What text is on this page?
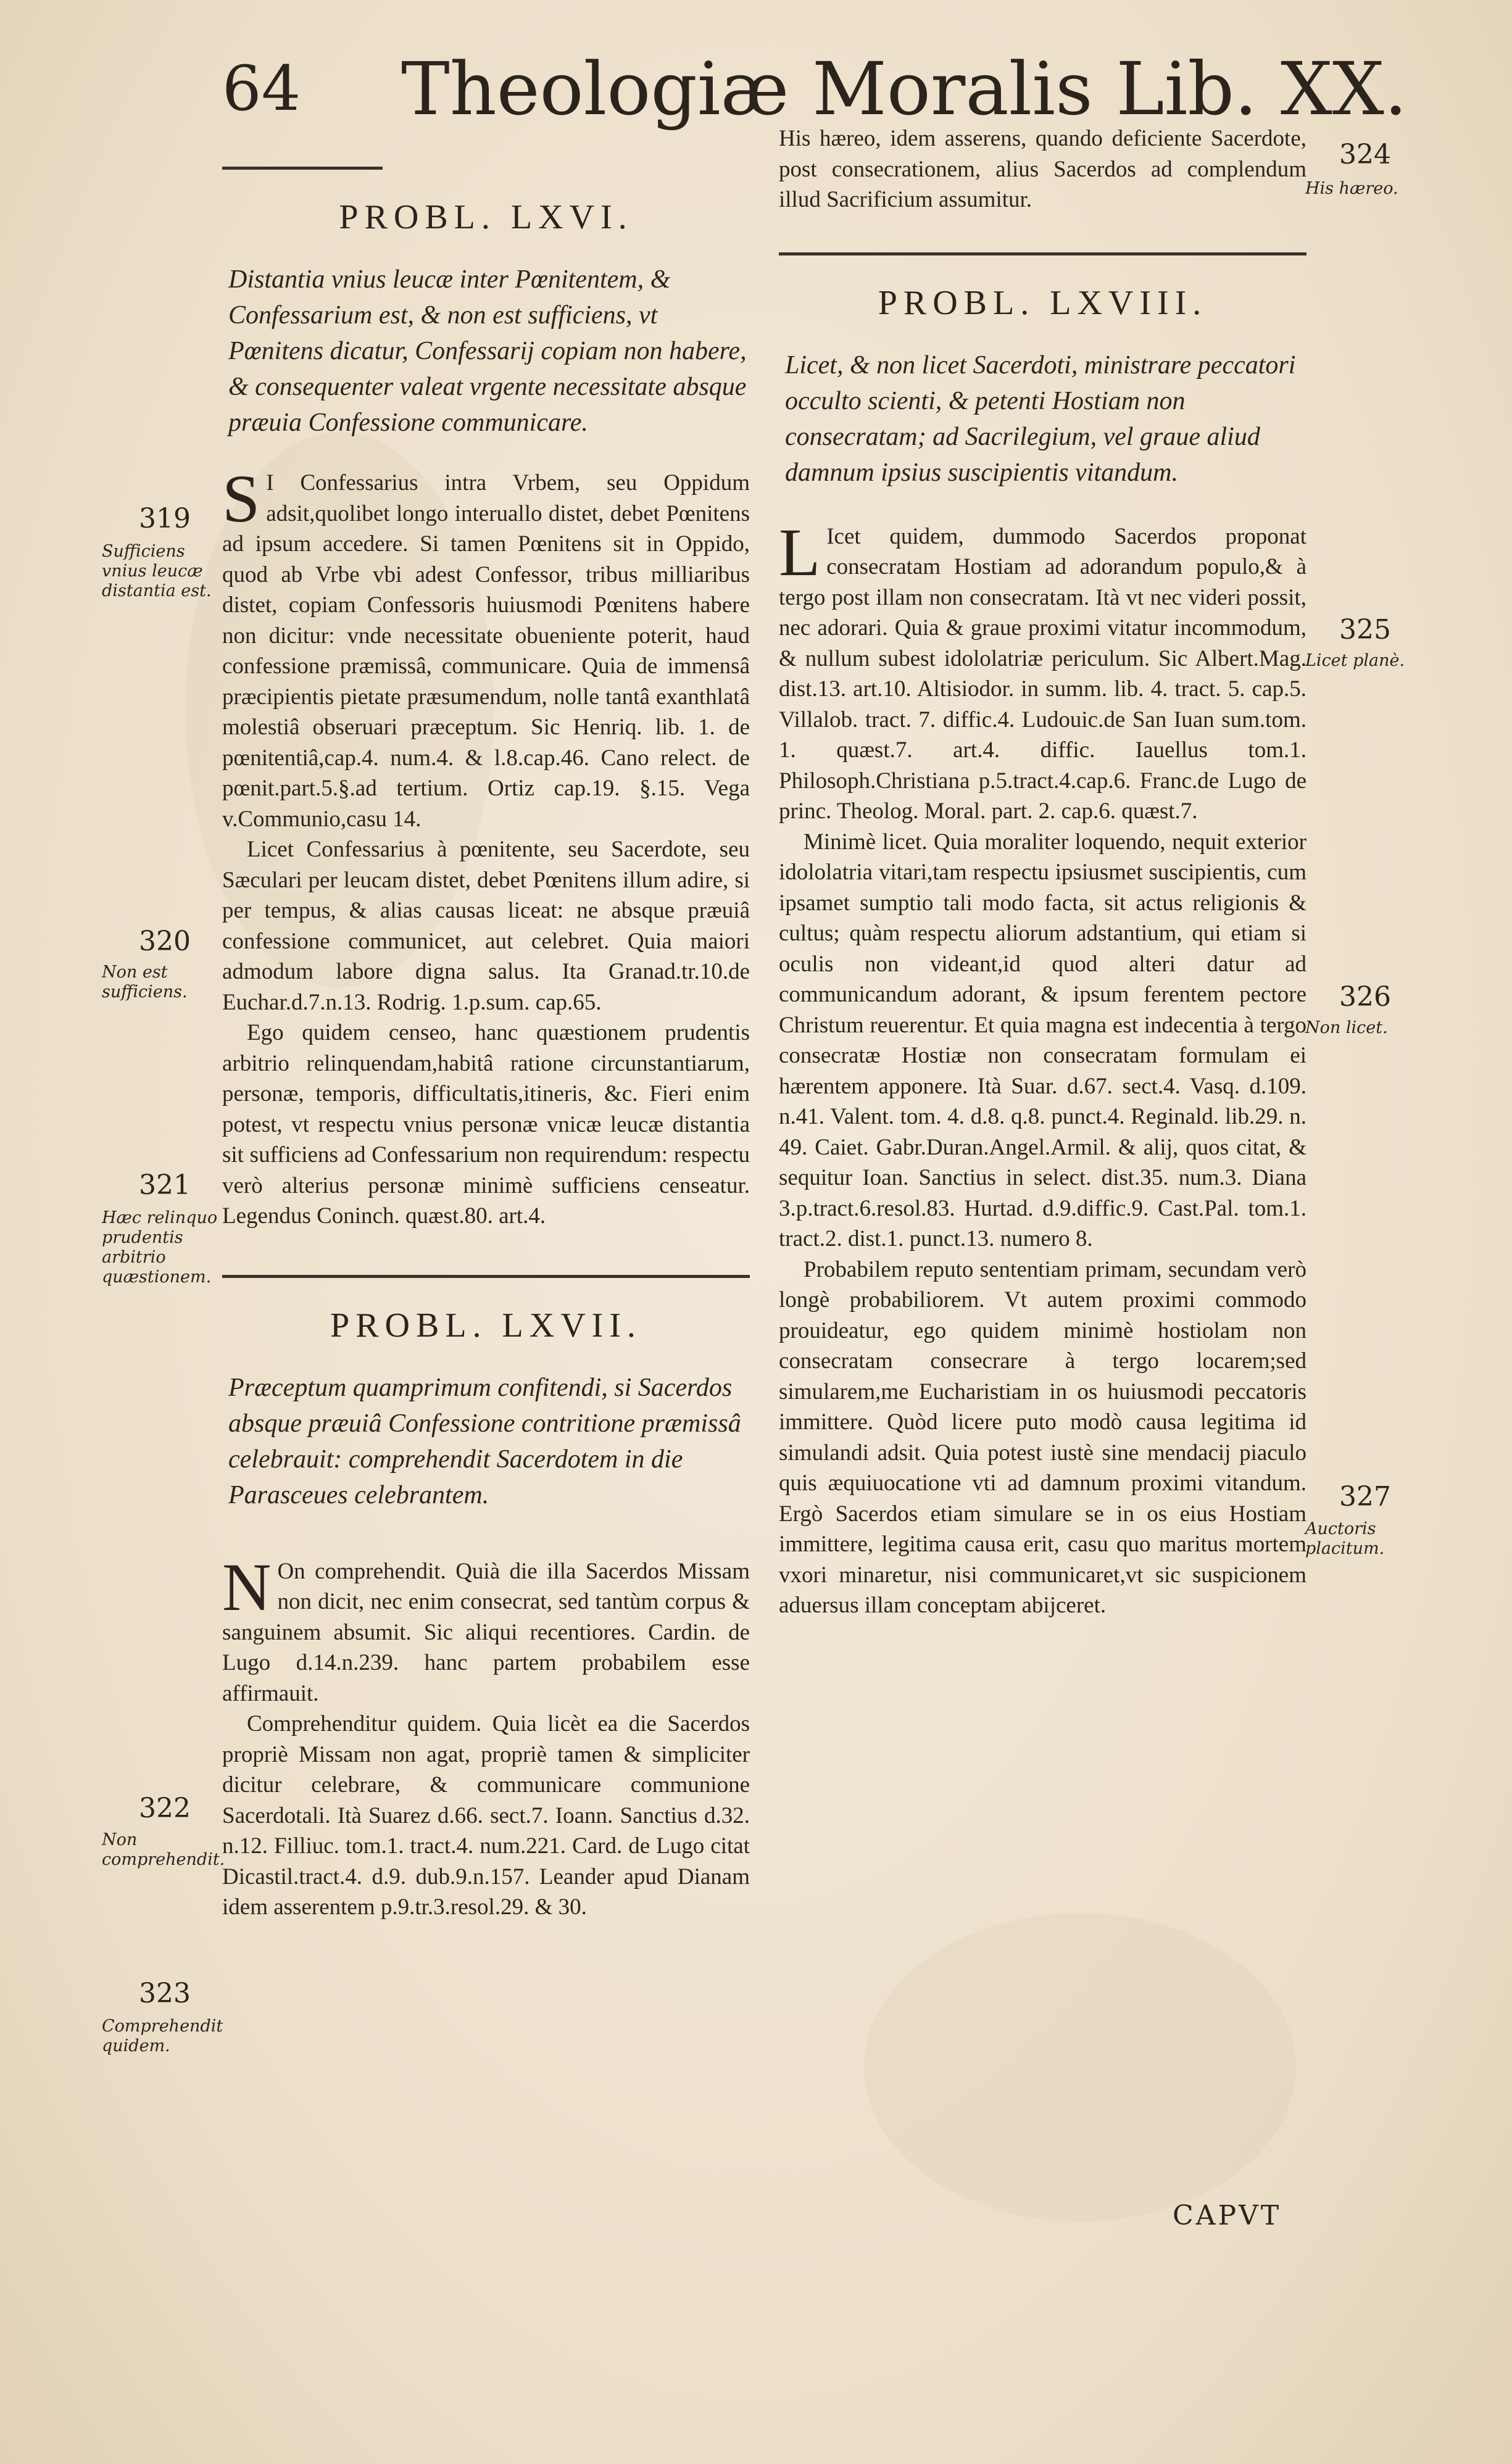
64 Theologiæ Moralis Lib. XX.
PROBL. LXVI.
Distantia vnius leucæ inter Pœnitentem, & Confessarium est, & non est sufficiens, vt Pœnitens dicatur, Confessarij copiam non habere, & consequenter valeat vrgente necessitate absque præuia Confessione communicare.
S I Confessarius intra Vrbem, seu Oppidum adsit,quolibet longo interuallo distet, debet Pœnitens ad ipsum accedere. Si tamen Pœnitens sit in Oppido, quod ab Vrbe vbi adest Confessor, tribus milliaribus distet, copiam Confessoris huiusmodi Pœnitens habere non dicitur: vnde necessitate obueniente poterit, haud confessione præmissâ, communicare. Quia de immensâ præcipientis pietate præsumendum, nolle tantâ exanthlatâ molestiâ obseruari præceptum. Sic Henriq. lib. 1. de pœnitentiâ,cap.4. num.4. & l.8.cap.46. Cano relect. de pœnit.part.5.§.ad tertium. Ortiz cap.19. §.15. Vega v.Communio,casu 14.
Licet Confessarius à pœnitente, seu Sacerdote, seu Sæculari per leucam distet, debet Pœnitens illum adire, si per tempus, & alias causas liceat: ne absque præuiâ confessione communicet, aut celebret. Quia maiori admodum labore digna salus. Ita Granad.tr.10.de Euchar.d.7.n.13. Rodrig. 1.p.sum. cap.65.
Ego quidem censeo, hanc quæstionem prudentis arbitrio relinquendam,habitâ ratione circunstantiarum, personæ, temporis, difficultatis,itineris, &c. Fieri enim potest, vt respectu vnius personæ vnicæ leucæ distantia sit sufficiens ad Confessarium non requirendum: respectu verò alterius personæ minimè sufficiens censeatur. Legendus Coninch. quæst.80. art.4.
PROBL. LXVII.
Præceptum quamprimum confitendi, si Sacerdos absque præuiâ Confessione contritione præmissâ celebrauit: comprehendit Sacerdotem in die Parasceues celebrantem.
N On comprehendit. Quià die illa Sacerdos Missam non dicit, nec enim consecrat, sed tantùm corpus & sanguinem absumit. Sic aliqui recentiores. Cardin. de Lugo d.14.n.239. hanc partem probabilem esse affirmauit.
Comprehenditur quidem. Quia licèt ea die Sacerdos propriè Missam non agat, propriè tamen & simpliciter dicitur celebrare, & communicare communione Sacerdotali. Ità Suarez d.66. sect.7. Ioann. Sanctius d.32. n.12. Filliuc. tom.1. tract.4. num.221. Card. de Lugo citat Dicastil.tract.4. d.9. dub.9.n.157. Leander apud Dianam idem asserentem p.9.tr.3.resol.29. & 30.
His hæreo, idem asserens, quando deficiente Sacerdote, post consecrationem, alius Sacerdos ad complendum illud Sacrificium assumitur.
PROBL. LXVIII.
Licet, & non licet Sacerdoti, ministrare peccatori occulto scienti, & petenti Hostiam non consecratam; ad Sacrilegium, vel graue aliud damnum ipsius suscipientis vitandum.
L Icet quidem, dummodo Sacerdos proponat consecratam Hostiam ad adorandum populo,& à tergo post illam non consecratam. Ità vt nec videri possit, nec adorari. Quia & graue proximi vitatur incommodum, & nullum subest idololatriæ periculum. Sic Albert.Mag. dist.13. art.10. Altisiodor. in summ. lib. 4. tract. 5. cap.5. Villalob. tract. 7. diffic.4. Ludouic.de San Iuan sum.tom. 1. quæst.7. art.4. diffic. Iauellus tom.1. Philosoph.Christiana p.5.tract.4.cap.6. Franc.de Lugo de princ. Theolog. Moral. part. 2. cap.6. quæst.7.
Minimè licet. Quia moraliter loquendo, nequit exterior idololatria vitari,tam respectu ipsiusmet suscipientis, cum ipsamet sumptio tali modo facta, sit actus religionis & cultus; quàm respectu aliorum adstantium, qui etiam si oculis non videant,id quod alteri datur ad communicandum adorant, & ipsum ferentem pectore Christum reuerentur. Et quia magna est indecentia à tergo consecratæ Hostiæ non consecratam formulam ei hærentem apponere. Ità Suar. d.67. sect.4. Vasq. d.109. n.41. Valent. tom. 4. d.8. q.8. punct.4. Reginald. lib.29. n. 49. Caiet. Gabr.Duran.Angel.Armil. & alij, quos citat, & sequitur Ioan. Sanctius in select. dist.35. num.3. Diana 3.p.tract.6.resol.83. Hurtad. d.9.diffic.9. Cast.Pal. tom.1. tract.2. dist.1. punct.13. numero 8.
Probabilem reputo sententiam primam, secundam verò longè probabiliorem. Vt autem proximi commodo prouideatur, ego quidem minimè hostiolam non consecratam consecrare à tergo locarem;sed simularem,me Eucharistiam in os huiusmodi peccatoris immittere. Quòd licere puto modò causa legitima id simulandi adsit. Quia potest iustè sine mendacij piaculo quis æquiuocatione vti ad damnum proximi vitandum. Ergò Sacerdos etiam simulare se in os eius Hostiam immittere, legitima causa erit, casu quo maritus mortem vxori minaretur, nisi communicaret,vt sic suspicionem aduersus illam conceptam abijceret.
319
Sufficiens vnius leucæ distantia est.
320
Non est sufficiens.
321
Hæc relinquo prudentis arbitrio quæstionem.
322
Non comprehendit.
323
Comprehendit quidem.
324
His hæreo.
325
Licet planè.
326
Non licet.
327
Auctoris placitum.
CAPVT
